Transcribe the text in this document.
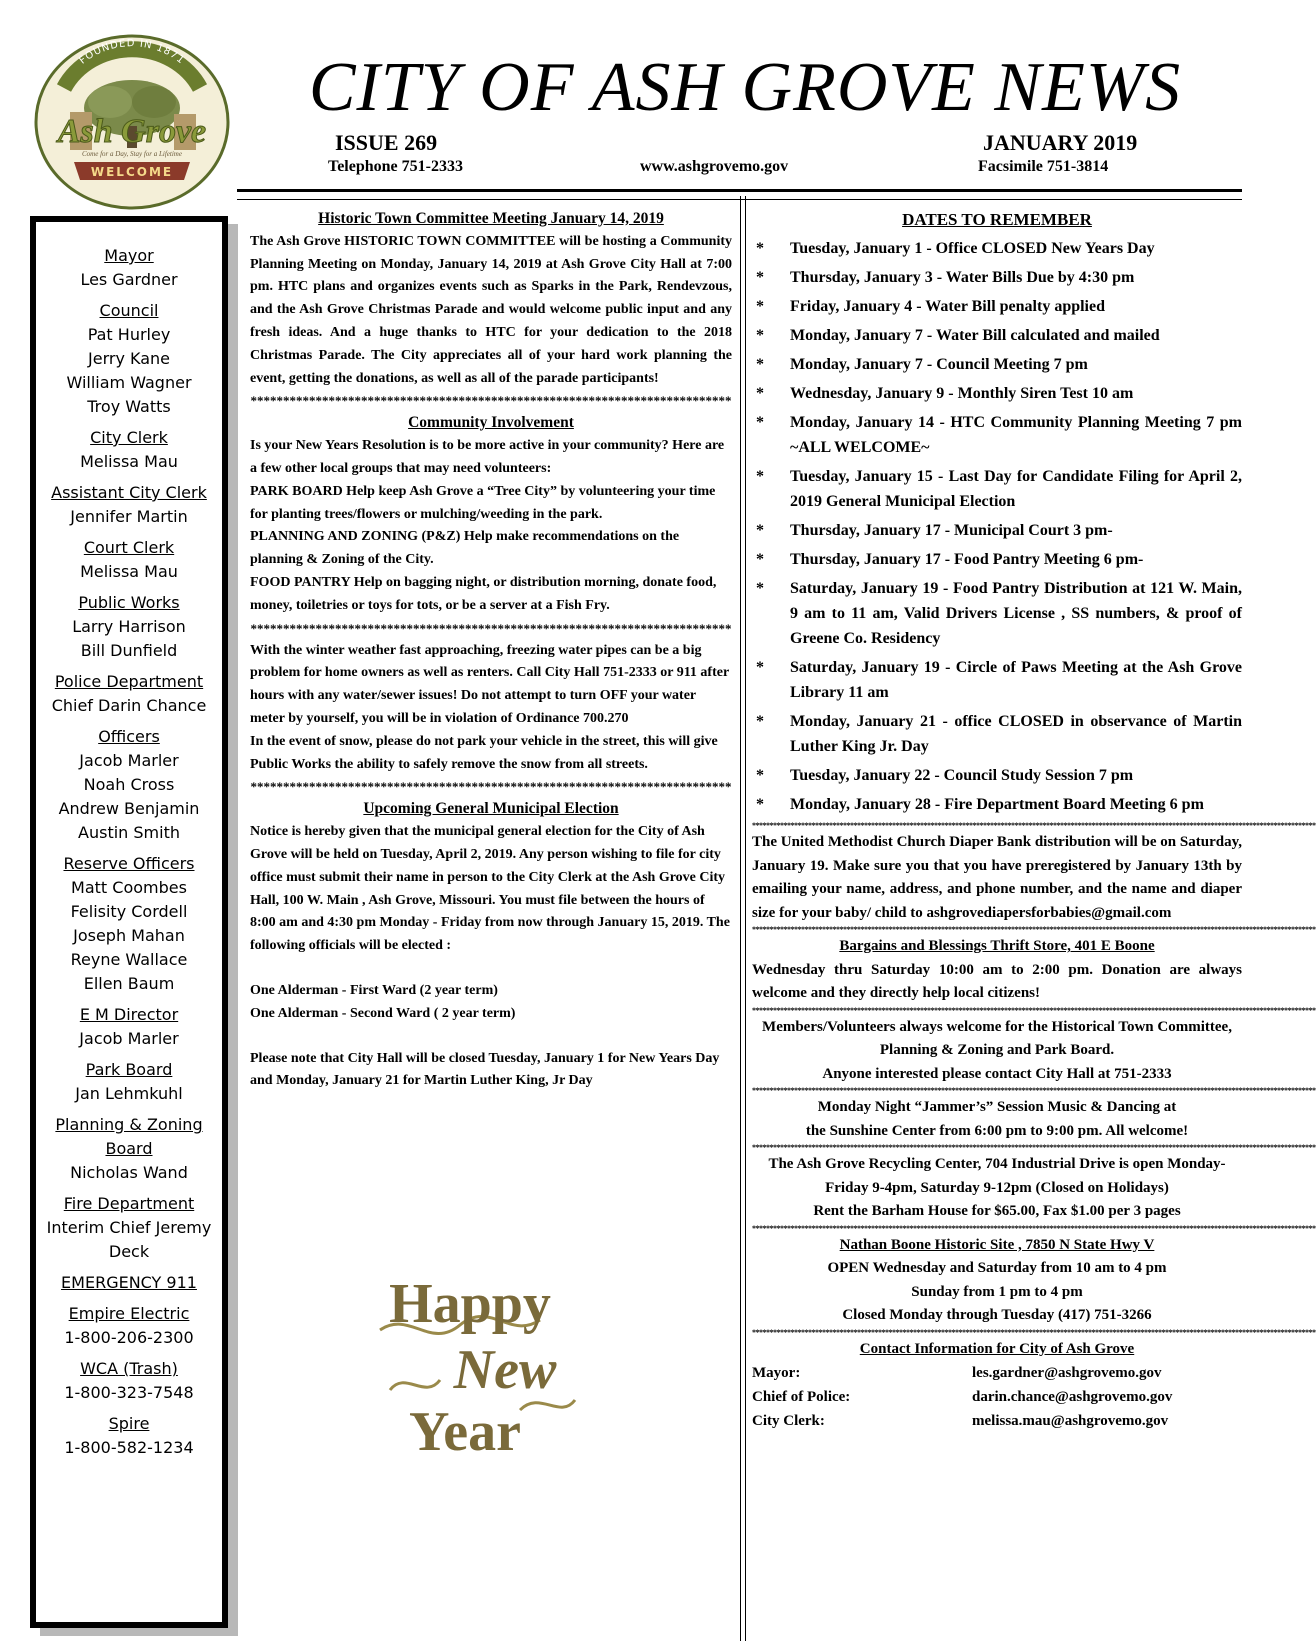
FOUNDED IN 1871
Ash Grove
Come for a Day, Stay for a Lifetime
WELCOME
CITY OF ASH GROVE NEWS
ISSUE 269	JANUARY 2019
Telephone 751-2333	www.ashgrovemo.gov	Facsimile 751-3814
Mayor
Les Gardner
Council
Pat Hurley
Jerry Kane
William Wagner
Troy Watts
City Clerk
Melissa Mau
Assistant City Clerk
Jennifer Martin
Court Clerk
Melissa Mau
Public Works
Larry Harrison
Bill Dunfield
Police Department
Chief Darin Chance
Officers
Jacob Marler
Noah Cross
Andrew Benjamin
Austin Smith
Reserve Officers
Matt Coombes
Felisity Cordell
Joseph Mahan
Reyne Wallace
Ellen Baum
E M Director
Jacob Marler
Park Board
Jan Lehmkuhl
Planning & Zoning Board
Nicholas Wand
Fire Department
Interim Chief Jeremy Deck
EMERGENCY 911
Empire Electric
1-800-206-2300
WCA (Trash)
1-800-323-7548
Spire
1-800-582-1234

Historic Town Committee Meeting January 14, 2019

The Ash Grove HISTORIC TOWN COMMITTEE will be hosting a Community Planning Meeting on Monday, January 14, 2019 at Ash Grove City Hall at 7:00 pm. HTC plans and organizes events such as Sparks in the Park, Rendevzous, and the Ash Grove Christmas Parade and would welcome public input and any fresh ideas. And a huge thanks to HTC for your dedication to the 2018 Christmas Parade. The City appreciates all of your hard work planning the event, getting the donations, as well as all of the parade participants!

**************************************************************************

Community Involvement

Is your New Years Resolution is to be more active in your community? Here are a few other local groups that may need volunteers:

PARK BOARD Help keep Ash Grove a “Tree City” by volunteering your time for planting trees/flowers or mulching/weeding in the park.

PLANNING AND ZONING (P&Z) Help make recommendations on the planning & Zoning of the City.

FOOD PANTRY Help on bagging night, or distribution morning, donate food, money, toiletries or toys for tots, or be a server at a Fish Fry.

**************************************************************************

With the winter weather fast approaching, freezing water pipes can be a big problem for home owners as well as renters. Call City Hall 751-2333 or 911 after hours with any water/sewer issues! Do not attempt to turn OFF your water meter by yourself, you will be in violation of Ordinance 700.270

In the event of snow, please do not park your vehicle in the street, this will give Public Works the ability to safely remove the snow from all streets.

**************************************************************************

Upcoming General Municipal Election

Notice is hereby given that the municipal general election for the City of Ash Grove will be held on Tuesday, April 2, 2019. Any person wishing to file for city office must submit their name in person to the City Clerk at the Ash Grove City Hall, 100 W. Main , Ash Grove, Missouri. You must file between the hours of 8:00 am and 4:30 pm Monday - Friday from now through January 15, 2019. The following officials will be elected :

One Alderman - First Ward (2 year term)

One Alderman - Second Ward ( 2 year term)

Please note that City Hall will be closed Tuesday, January 1 for New Years Day and Monday, January 21 for Martin Luther King, Jr Day

Happy
New
Year
DATES TO REMEMBER
* Tuesday, January 1 - Office CLOSED New Years Day
* Thursday, January 3 - Water Bills Due by 4:30 pm
* Friday, January 4 - Water Bill penalty applied
* Monday, January 7 - Water Bill calculated and mailed
* Monday, January 7 - Council Meeting 7 pm
* Wednesday, January 9 - Monthly Siren Test 10 am
* Monday, January 14 - HTC Community Planning Meeting 7 pm ~ALL WELCOME~
* Tuesday, January 15 - Last Day for Candidate Filing for April 2, 2019 General Municipal Election
* Thursday, January 17 - Municipal Court 3 pm-
* Thursday, January 17 - Food Pantry Meeting 6 pm-
* Saturday, January 19 - Food Pantry Distribution at 121 W. Main, 9 am to 11 am, Valid Drivers License , SS numbers, & proof of Greene Co. Residency
* Saturday, January 19 - Circle of Paws Meeting at the Ash Grove Library 11 am
* Monday, January 21 - office CLOSED in observance of Martin Luther King Jr. Day
* Tuesday, January 22 - Council Study Session 7 pm
* Monday, January 28 - Fire Department Board Meeting 6 pm
*****************************************************************************************************************************************************************
The United Methodist Church Diaper Bank distribution will be on Saturday, January 19. Make sure you that you have preregistered by January 13th by emailing your name, address, and phone number, and the name and diaper size for your baby/ child to ashgrovediapersforbabies@gmail.com
*****************************************************************************************************************************************************************
Bargains and Blessings Thrift Store, 401 E Boone
Wednesday thru Saturday 10:00 am to 2:00 pm. Donation are always welcome and they directly help local citizens!
*****************************************************************************************************************************************************************
Members/Volunteers always welcome for the Historical Town Committee, Planning & Zoning and Park Board.
Anyone interested please contact City Hall at 751-2333
*****************************************************************************************************************************************************************
Monday Night “Jammer’s” Session Music & Dancing at
the Sunshine Center from 6:00 pm to 9:00 pm. All welcome!
*****************************************************************************************************************************************************************
The Ash Grove Recycling Center, 704 Industrial Drive is open Monday-Friday 9-4pm, Saturday 9-12pm (Closed on Holidays)
Rent the Barham House for $65.00, Fax $1.00 per 3 pages
*****************************************************************************************************************************************************************
Nathan Boone Historic Site , 7850 N State Hwy V
OPEN Wednesday and Saturday from 10 am to 4 pm
Sunday from 1 pm to 4 pm
Closed Monday through Tuesday (417) 751-3266
*****************************************************************************************************************************************************************
Contact Information for City of Ash Grove
Mayor:	les.gardner@ashgrovemo.gov
Chief of Police:	darin.chance@ashgrovemo.gov
City Clerk:	melissa.mau@ashgrovemo.gov
